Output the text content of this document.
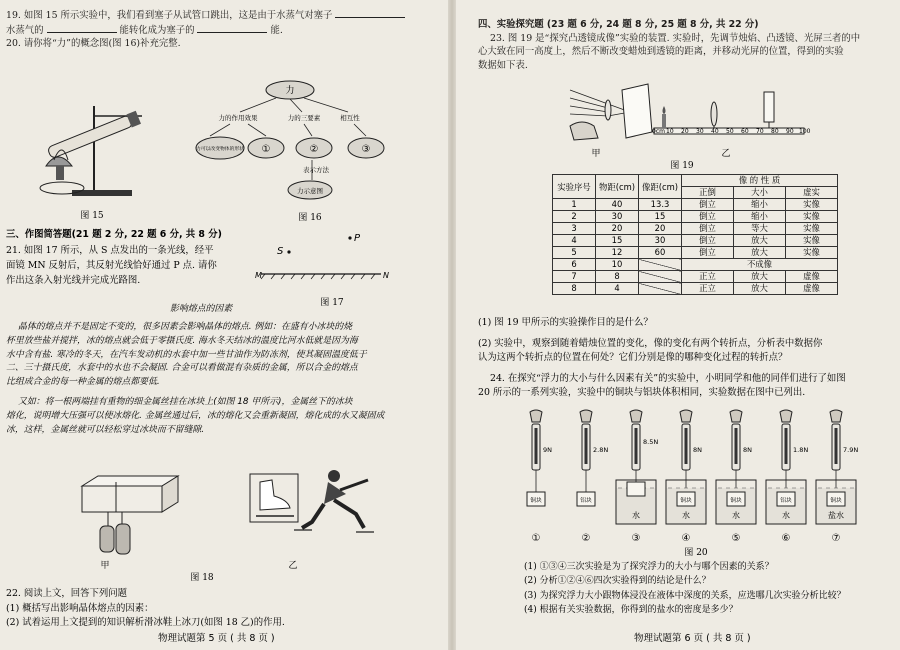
19. 如图 15 所示实验中，我们看到塞子从试管口跳出，这是由于水蒸气对塞子
水蒸气的	能转化成为塞子的	能.
20. 请你将“力”的概念图(图 16)补充完整.
图 15
力
力的作用效果	力的三要素	相互性
力可以改变物体的形状 ①	②	③
表示方法
力示意图
图 16
三、作图简答题(21 题 2 分, 22 题 6 分, 共 8 分)
21. 如图 17 所示，从 S 点发出的一条光线，经平
面镜 MN 反射后，其反射光线恰好通过 P 点. 请你
作出这条入射光线并完成光路图.
S
P
M	N
图 17
影响熔点的因素
晶体的熔点并不是固定不变的，很多因素会影响晶体的熔点. 例如：在盛有小冰块的烧
杯里放些盐并搅拌，冰的熔点就会低于零摄氏度. 海水冬天结冰的温度比河水低就是因为海
水中含有盐. 寒冷的冬天，在汽车发动机的水套中加一些甘油作为防冻剂，使其凝固温度低于
二、三十摄氏度，水套中的水也不会凝固. 合金可以看做混有杂质的金属，所以合金的熔点
比组成合金的每一种金属的熔点都要低.
又如：将一根两端挂有重物的细金属丝挂在冰块上(如图 18 甲所示)，金属丝下的冰块
熔化，说明增大压强可以使冰熔化. 金属丝通过后，冰的熔化又会重新凝固，熔化成的水又凝固成
冰，这样，金属丝就可以轻松穿过冰块而不留缝隙.
甲	乙
图 18
22. 阅读上文，回答下列问题
(1) 概括写出影响晶体熔点的因素：
(2) 试着运用上文提到的知识解析滑冰鞋上冰刀(如图 18 乙)的作用.
物理试题第 5 页 ( 共 8 页 )
四、实验探究题 (23 题 6 分, 24 题 8 分, 25 题 8 分, 共 22 分)
23. 图 19 是“探究凸透镜成像”实验的装置. 实验时，先调节烛焰、凸透镜、光屏三者的中
心大致在同一高度上，然后不断改变蜡烛到透镜的距离，并移动光屏的位置，得到的实验
数据如下表.
甲
0cm 10 20 30 40 50 60 70 80 90 100
乙
图 19
实验序号	物距(cm)	像距(cm)	像 的 性 质		
			正倒	大小	虚实
1	40	13.3	倒立	缩小	实像
2	30	15	倒立	缩小	实像
3	20	20	倒立	等大	实像
4	15	30	倒立	放大	实像
5	12	60	倒立	放大	实像
6	10		不成像		
7	8		正立	放大	虚像
8	4		正立	放大	虚像
(1) 图 19 甲所示的实验操作目的是什么？
(2) 实验中，观察到随着蜡烛位置的变化，像的变化有两个转折点，分析表中数据你
认为这两个转折点的位置在何处？它们分别是像的哪种变化过程的转折点？
24. 在探究“浮力的大小与什么因素有关”的实验中，小明同学和他的同伴们进行了如图
20 所示的一系列实验，实验中的铜块与铝块体积相同，实验数据在图中已列出.
9N
铜块
①
2.8N
铝块
②
8.5N
水
③
8N
水
铜块
④
8N
水
铜块
⑤
1.8N
水
铝块
⑥
7.9N
盐水
铜块
⑦
图 20
(1) ①③④三次实验是为了探究浮力的大小与哪个因素的关系？
(2) 分析①②④⑥四次实验得到的结论是什么？
(3) 为探究浮力大小跟物体浸没在液体中深度的关系，应选哪几次实验分析比较？
(4) 根据有关实验数据，你得到的盐水的密度是多少？
物理试题第 6 页 ( 共 8 页 )
